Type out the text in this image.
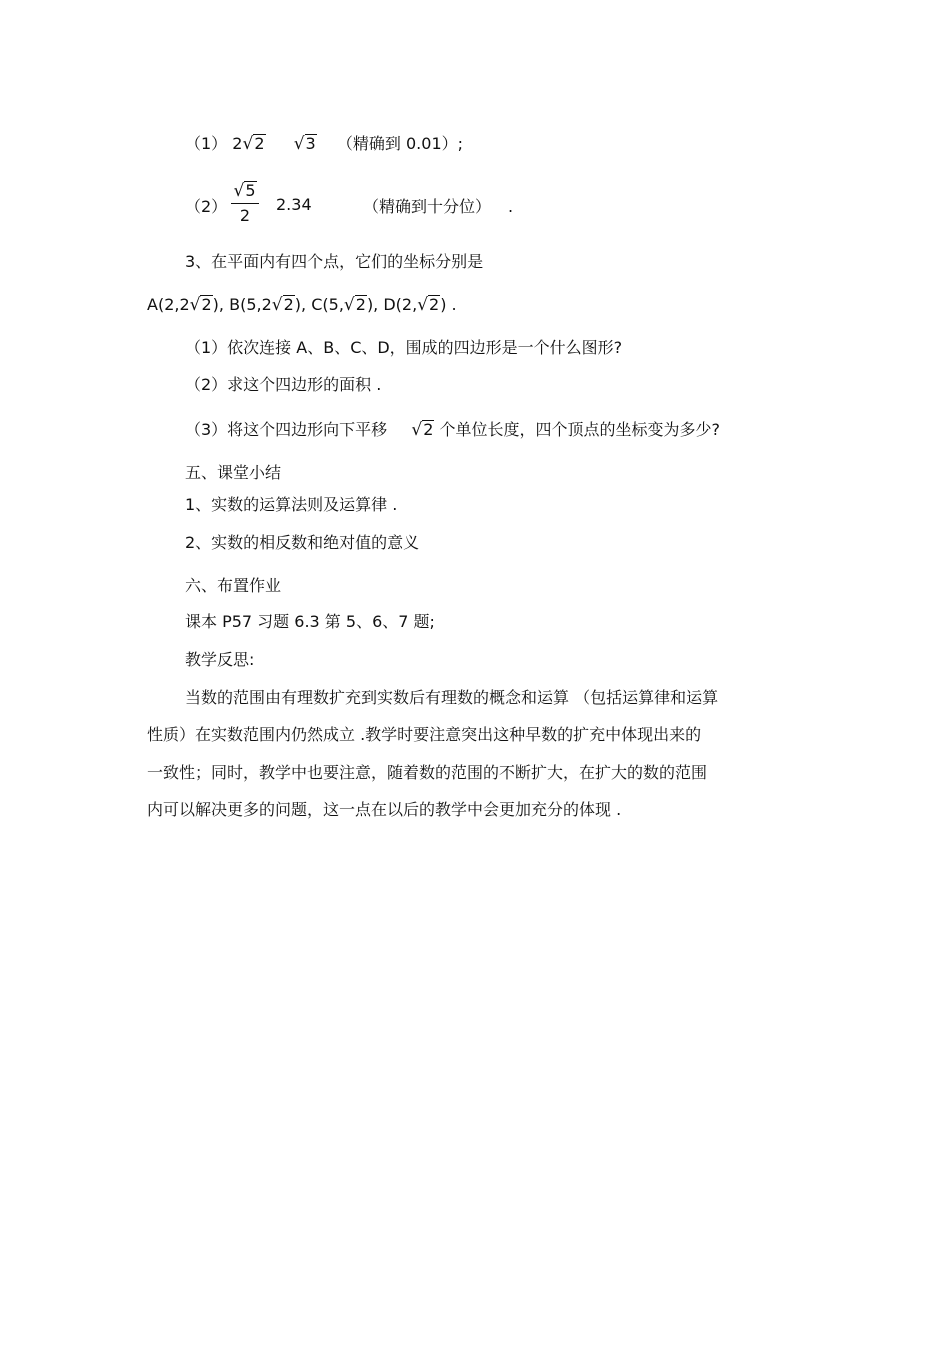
（1） 2√2 √3 （精确到 0.01）;
$(2) \frac{√5}{2} 2.34$	（精确到十分位） .
3、在平面内有四个点，它们的坐标分别是
A(2,2√2), B(5,2√2), C(5,√2), D(2,√2) .
（1）依次连接 A、B、C、D，围成的四边形是一个什么图形?
（2）求这个四边形的面积 .
（3）将这个四边形向下平移 √2 个单位长度，四个顶点的坐标变为多少?
五、课堂小结
1、实数的运算法则及运算律 .
2、实数的相反数和绝对值的意义
六、布置作业
课本 P57 习题 6.3 第 5、6、7 题;
教学反思:
当数的范围由有理数扩充到实数后有理数的概念和运算 （包括运算律和运算
性质）在实数范围内仍然成立 .教学时要注意突出这种早数的扩充中体现出来的
一致性；同时，教学中也要注意，随着数的范围的不断扩大，在扩大的数的范围
内可以解决更多的问题，这一点在以后的教学中会更加充分的体现 .
